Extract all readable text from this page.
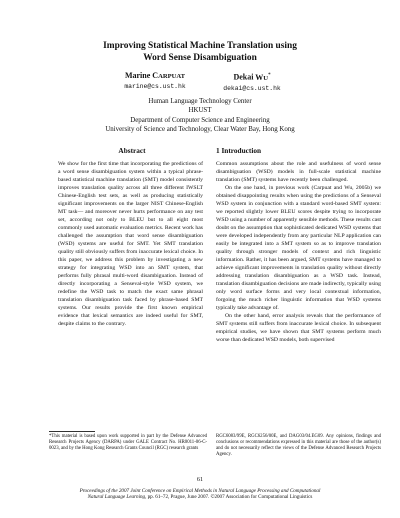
Improving Statistical Machine Translation using
Word Sense Disambiguation
Marine CARPUAT
marine@cs.ust.hk
Dekai WU*
dekai@cs.ust.hk
Human Language Technology Center
HKUST
Department of Computer Science and Engineering
University of Science and Technology, Clear Water Bay, Hong Kong
Abstract

We show for the first time that incorporating the predictions of a word sense disambiguation system within a typical phrase-based statistical machine translation (SMT) model consistently improves translation quality across all three different IWSLT Chinese-English test sets, as well as producing statistically significant improvements on the larger NIST Chinese-English MT task— and moreover never hurts performance on any test set, according not only to BLEU but to all eight most commonly used automatic evaluation metrics. Recent work has challenged the assumption that word sense disambiguation (WSD) systems are useful for SMT. Yet SMT translation quality still obviously suffers from inaccurate lexical choice. In this paper, we address this problem by investigating a new strategy for integrating WSD into an SMT system, that performs fully phrasal multi-word disambiguation. Instead of directly incorporating a Senseval-style WSD system, we redefine the WSD task to match the exact same phrasal translation disambiguation task faced by phrase-based SMT systems. Our results provide the first known empirical evidence that lexical semantics are indeed useful for SMT, despite claims to the contrary.

1 Introduction

Common assumptions about the role and usefulness of word sense disambiguation (WSD) models in full-scale statistical machine translation (SMT) systems have recently been challenged.

On the one hand, in previous work (Carpuat and Wu, 2005b) we obtained disappointing results when using the predictions of a Senseval WSD system in conjunction with a standard word-based SMT system: we reported slightly lower BLEU scores despite trying to incorporate WSD using a number of apparently sensible methods. These results cast doubt on the assumption that sophisticated dedicated WSD systems that were developed independently from any particular NLP application can easily be integrated into a SMT system so as to improve translation quality through stronger models of context and rich linguistic information. Rather, it has been argued, SMT systems have managed to achieve significant improvements in translation quality without directly addressing translation disambiguation as a WSD task. Instead, translation disambiguation decisions are made indirectly, typically using only word surface forms and very local contextual information, forgoing the much richer linguistic information that WSD systems typically take advantage of.

On the other hand, error analysis reveals that the performance of SMT systems still suffers from inaccurate lexical choice. In subsequent empirical studies, we have shown that SMT systems perform much worse than dedicated WSD models, both supervised

*This material is based upon work supported in part by the Defense Advanced Research Projects Agency (DARPA) under GALE Contract No. HR0011-06-C-0023, and by the Hong Kong Research Grants Council (RGC) research grants
RGC6083/99E, RGC6256/00E, and DAG03/04.EG09. Any opinions, findings and conclusions or recommendations expressed in this material are those of the author(s) and do not necessarily reflect the views of the Defense Advanced Research Projects Agency.
61
Proceedings of the 2007 Joint Conference on Empirical Methods in Natural Language Processing and Computational
Natural Language Learning, pp. 61–72, Prague, June 2007. ©2007 Association for Computational Linguistics
